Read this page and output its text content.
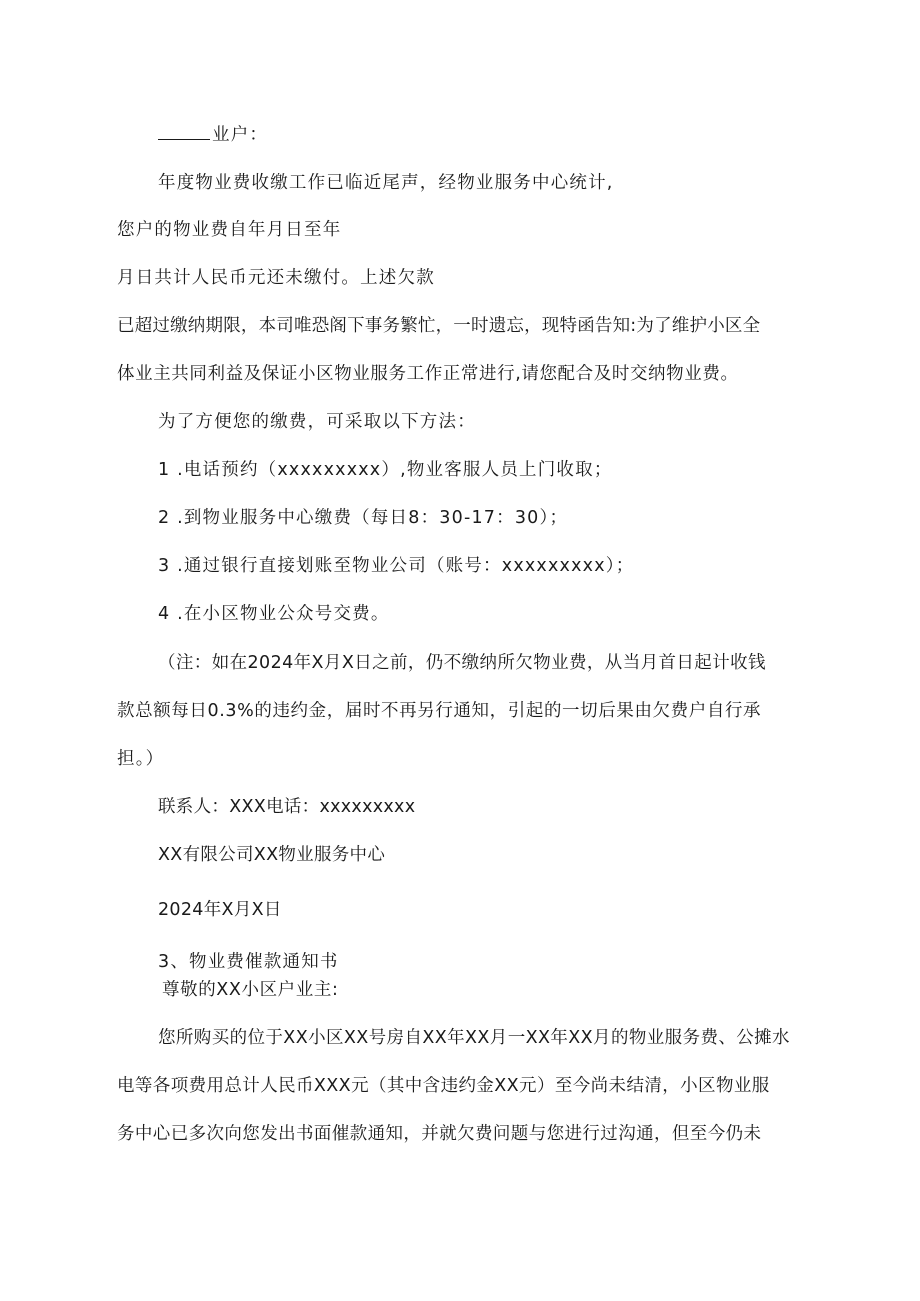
业户：
年度物业费收缴工作已临近尾声，经物业服务中心统计,
您户的物业费自年月日至年
月日共计人民币元还未缴付。上述欠款
已超过缴纳期限，本司唯恐阁下事务繁忙，一时遗忘，现特函告知:为了维护小区全
体业主共同利益及保证小区物业服务工作正常进行,请您配合及时交纳物业费。
为了方便您的缴费，可采取以下方法：
1 .电话预约（xxxxxxxxx）,物业客服人员上门收取；
2 .到物业服务中心缴费（每日8：30-17：30）；
3 .通过银行直接划账至物业公司（账号：xxxxxxxxx）；
4 .在小区物业公众号交费。
（注：如在2024年X月X日之前，仍不缴纳所欠物业费，从当月首日起计收钱
款总额每日0.3%的违约金，届时不再另行通知，引起的一切后果由欠费户自行承
担。）
联系人：XXX电话：xxxxxxxxx
XX有限公司XX物业服务中心
2024年X月X日
3、物业费催款通知书
尊敬的XX小区户业主:
您所购买的位于XX小区XX号房自XX年XX月一XX年XX月的物业服务费、公摊水
电等各项费用总计人民币XXX元（其中含违约金XX元）至今尚未结清，小区物业服
务中心已多次向您发出书面催款通知，并就欠费问题与您进行过沟通，但至今仍未
